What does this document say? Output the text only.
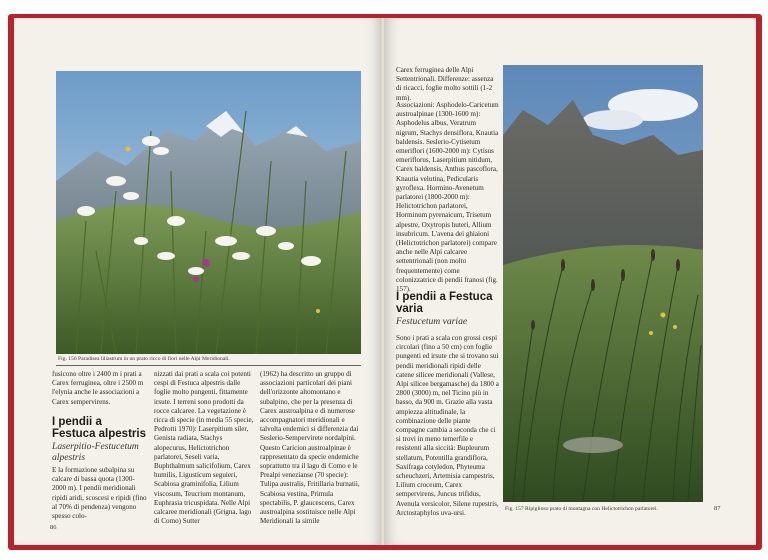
Fig. 156 Paradisea liliastrum in un prato ricco di fiori nelle Alpi Meridionali.
fusicono oltre i 2400 m i prati a Carex ferruginea, oltre i 2500 m l'elynia anche le associazioni a Carex sempervirens.
I pendii a Festuca alpestris
Laserpitio-Festucetum alpestris
E la formazione subalpina su calcare di bassa quota (1300-2000 m). I pendii meridionali ripidi aridi, scoscesi e ripidi (fino al 70% di pendenza) vengono spesso colo-
nizzati dai prati a scala coi potenti cespi di Festuca alpestris dalle foglie molto pungenti, fittamente irsute. I terreni sono prodotti da rocce calcaree. La vegetazione è ricca di specie (in media 55 specie, Pedrotti 1970): Laserpitium siler, Genista radiata, Stachys alopecurus, Helictotrichon parlatorei, Seseli varia, Buphthalmum salicifolium, Carex humilis, Ligusticum seguieri, Scabiosa graminifolia, Lilium viscosum, Teucrium montanum, Euphrasia tricuspidata. Nelle Alpi calcaree meridionali (Grigna, lago di Como) Sutter
(1962) ha descritto un gruppo di associazioni particolari dei piani dell'orizzonte altomontano e subalpino, che per la presenza di Carex austroalpina e di numerose accompagnatori meridionali e talvolta endemici si differenzia dai Seslerio-Sempervirete nordalpini. Questo Caricion austroalpinae è rappresentato da specie endemiche soprattutto tra il lago di Como e le Prealpi venezianse (70 specie): Tulipa australis, Fritillaria burnatii, Scabiosa vestina, Primula spectabilis, P. glaucescens, Carex austroalpina sostituisce nelle Alpi Meridionali la simile
86
Carex ferruginea delle Alpi Settentrionali. Differenze: assenza di ricacci, foglie molto sottili (1-2 mm).
Associazioni: Asphodelo-Caricetum austroalpinae (1300-1600 m): Asphodelus albus, Veratrum nigrum, Stachys densiflora, Knautia baldensis. Seslerio-Cytisetum emeriflori (1600-2000 m): Cytisus emeriflorus, Laserpitium nitidum, Carex baldensis, Anthus pascoflora, Knautia velutina, Pedicularis gyroflexa. Hormino-Avenetum parlatorei (1800-2000 m): Helictotrichon parlatorei, Horminum pyrenaicum, Trisetum alpestre, Oxytropis huteri, Allium insubricum. L'avena dei ghiaioni (Helictotrichon parlatorei) compare anche nelle Alpi calcaree settentrionali (non molto frequentemente) come colonizzatrice di pendii franosi (fig. 157).
I pendii a Festuca varia
Festucetum variae
Sono i prati a scala con grossi cespi circolari (fino a 50 cm) con foglie pungenti ed irsute che si trovano sui pendii meridionali ripidi delle catene silicee meridionali (Vallese, Alpi silicee bergamasche) da 1800 a 2800 (3000) m, nel Ticino più in basso, da 900 m. Grazie alla vasta ampiezza altitudinale, la combinazione delle piante compagne cambia a seconda che ci si trovi in meno temerfile e resistenti alla siccità: Bupleurum stellatum, Potentilla grandiflora, Saxifraga cotyledon, Phyteuma scheuchzeri, Artemisia campestris, Lilium croceum, Carex sempervirens, Juncus trifidus, Avenula versicolor, Silene rupestris, Arctostaphylos uva-ursi.	Fig. 157 Ripiglioso prato di montagna con Helictotrichon parlatorei.	87
